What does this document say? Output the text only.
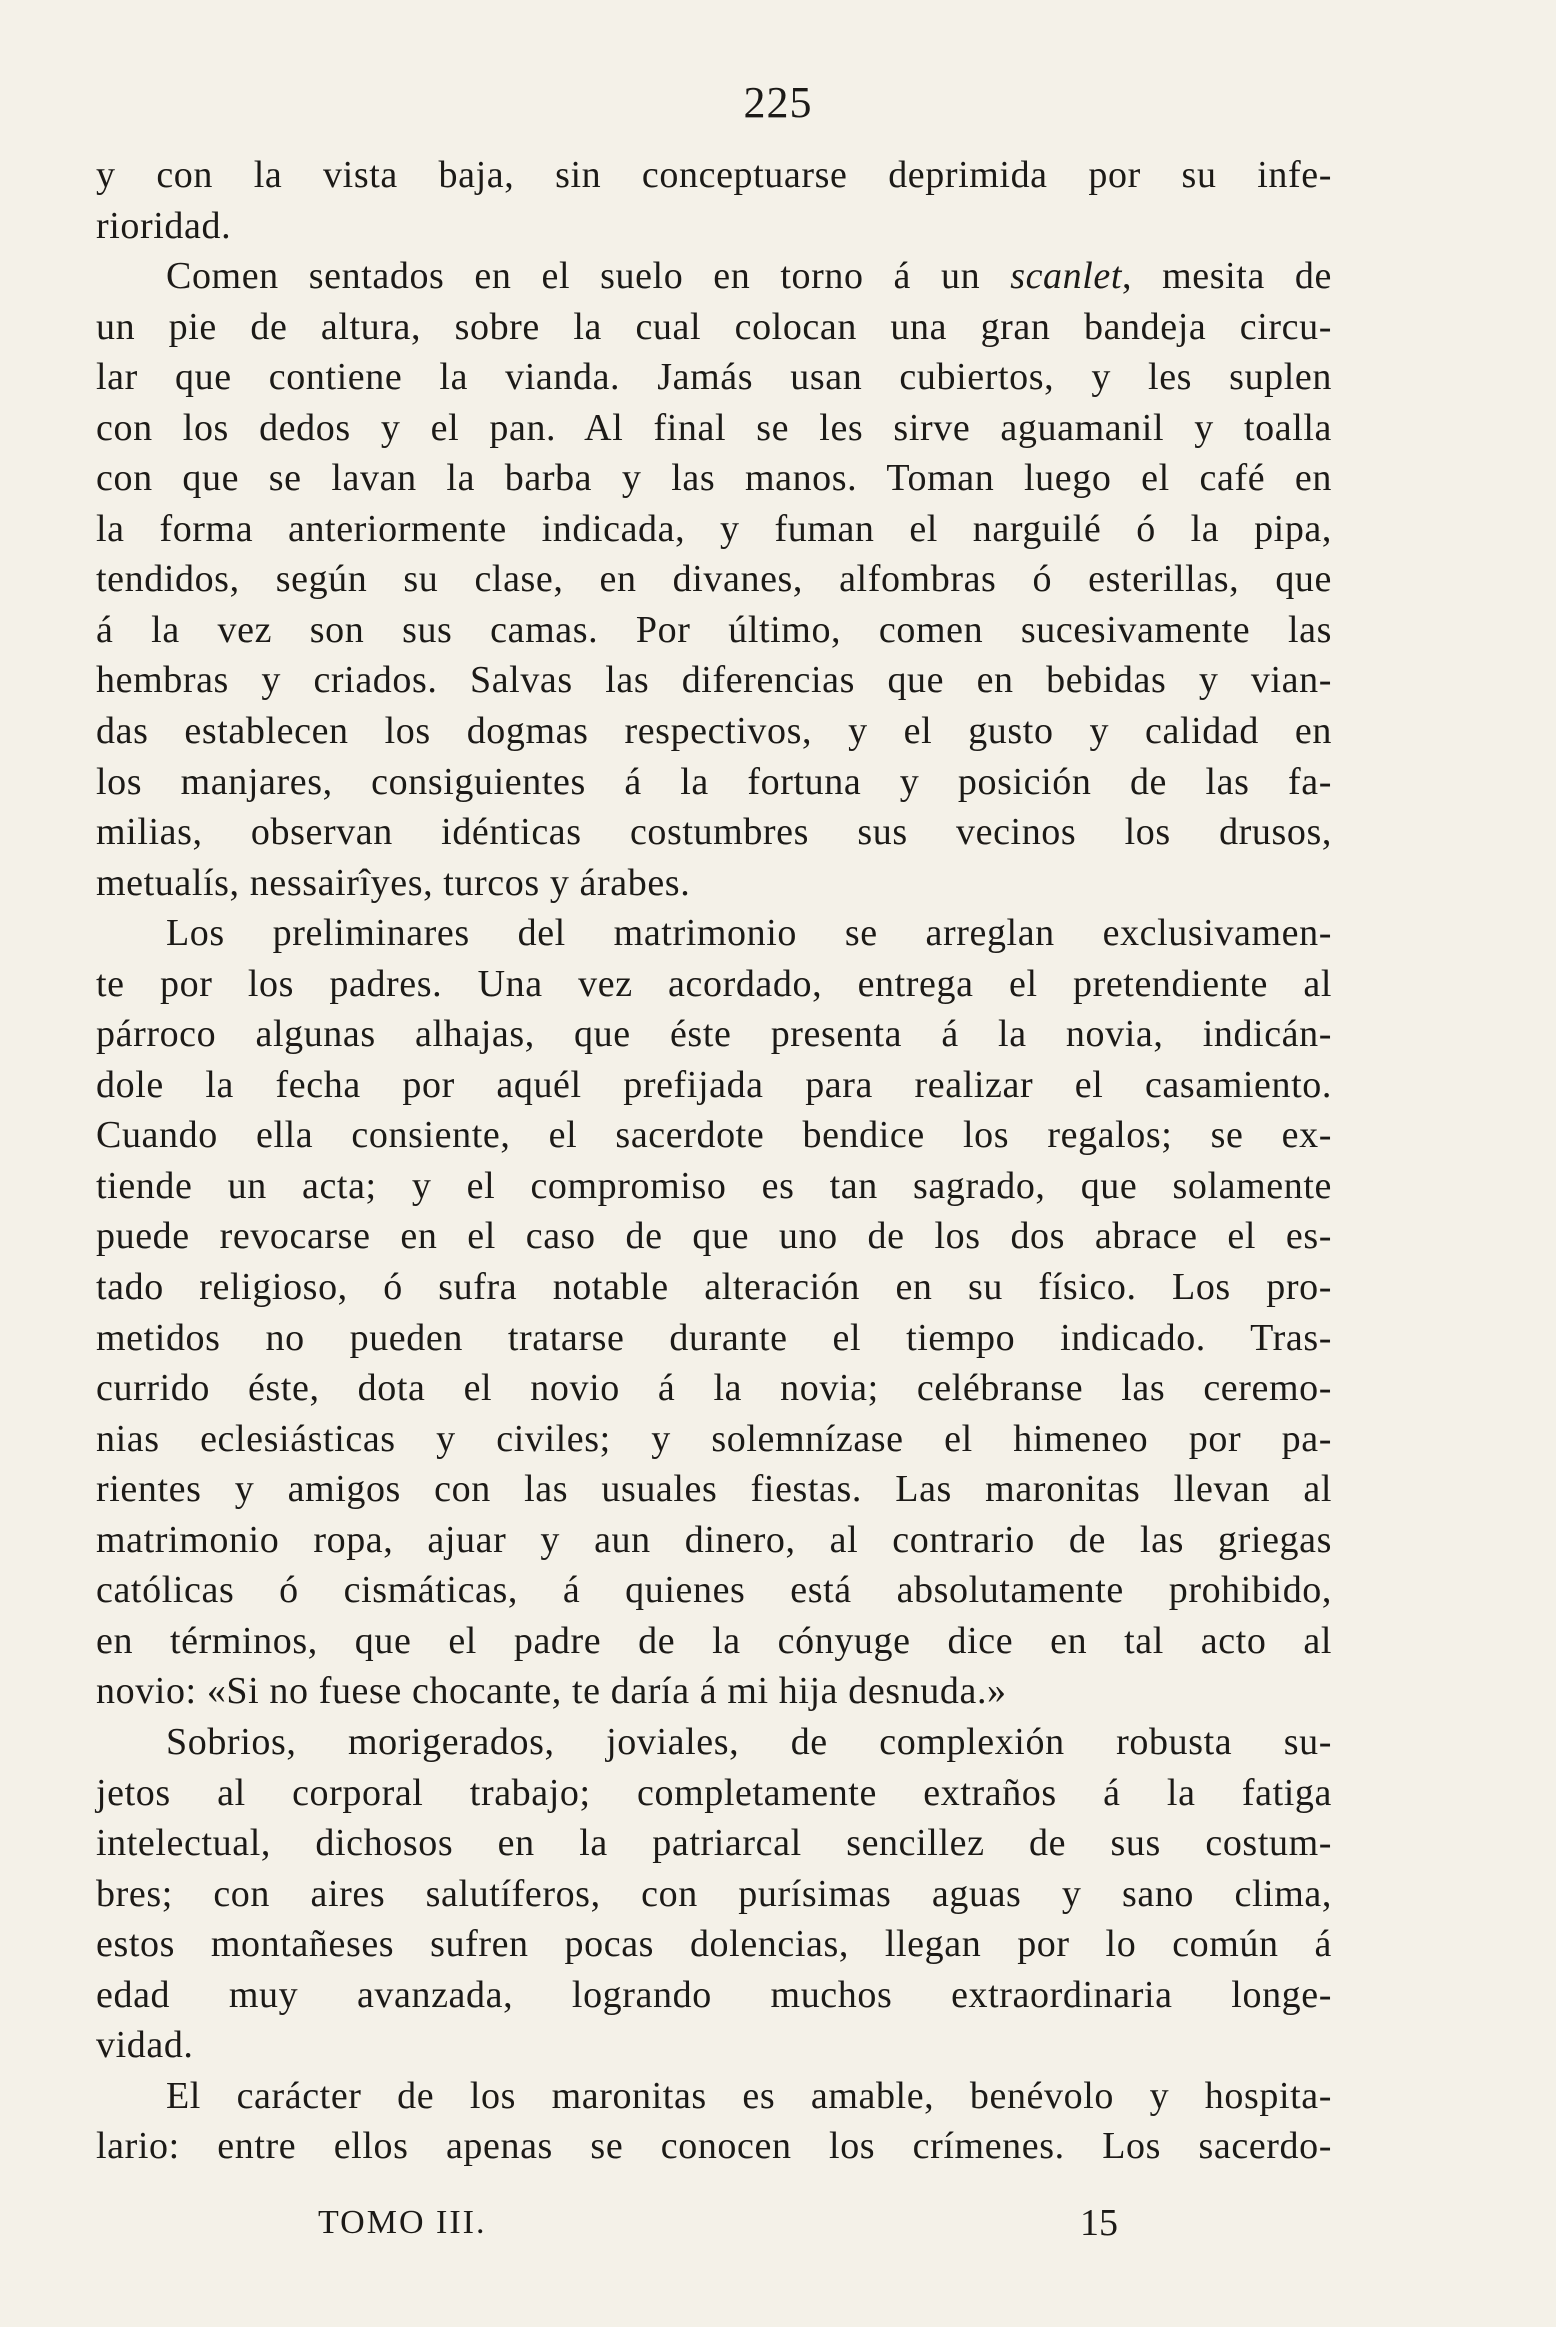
225
y con la vista baja, sin conceptuarse deprimida por su infe-
rioridad.
Comen sentados en el suelo en torno á un scanlet, mesita de
un pie de altura, sobre la cual colocan una gran bandeja circu-
lar que contiene la vianda. Jamás usan cubiertos, y les suplen
con los dedos y el pan. Al final se les sirve aguamanil y toalla
con que se lavan la barba y las manos. Toman luego el café en
la forma anteriormente indicada, y fuman el narguilé ó la pipa,
tendidos, según su clase, en divanes, alfombras ó esterillas, que
á la vez son sus camas. Por último, comen sucesivamente las
hembras y criados. Salvas las diferencias que en bebidas y vian-
das establecen los dogmas respectivos, y el gusto y calidad en
los manjares, consiguientes á la fortuna y posición de las fa-
milias, observan idénticas costumbres sus vecinos los drusos,
metualís, nessairîyes, turcos y árabes.
Los preliminares del matrimonio se arreglan exclusivamen-
te por los padres. Una vez acordado, entrega el pretendiente al
párroco algunas alhajas, que éste presenta á la novia, indicán-
dole la fecha por aquél prefijada para realizar el casamiento.
Cuando ella consiente, el sacerdote bendice los regalos; se ex-
tiende un acta; y el compromiso es tan sagrado, que solamente
puede revocarse en el caso de que uno de los dos abrace el es-
tado religioso, ó sufra notable alteración en su físico. Los pro-
metidos no pueden tratarse durante el tiempo indicado. Tras-
currido éste, dota el novio á la novia; celébranse las ceremo-
nias eclesiásticas y civiles; y solemnízase el himeneo por pa-
rientes y amigos con las usuales fiestas. Las maronitas llevan al
matrimonio ropa, ajuar y aun dinero, al contrario de las griegas
católicas ó cismáticas, á quienes está absolutamente prohibido,
en términos, que el padre de la cónyuge dice en tal acto al
novio: «Si no fuese chocante, te daría á mi hija desnuda.»
Sobrios, morigerados, joviales, de complexión robusta su-
jetos al corporal trabajo; completamente extraños á la fatiga
intelectual, dichosos en la patriarcal sencillez de sus costum-
bres; con aires salutíferos, con purísimas aguas y sano clima,
estos montañeses sufren pocas dolencias, llegan por lo común á
edad muy avanzada, logrando muchos extraordinaria longe-
vidad.
El carácter de los maronitas es amable, benévolo y hospita-
lario: entre ellos apenas se conocen los crímenes. Los sacerdo-
TOMO III.	15
